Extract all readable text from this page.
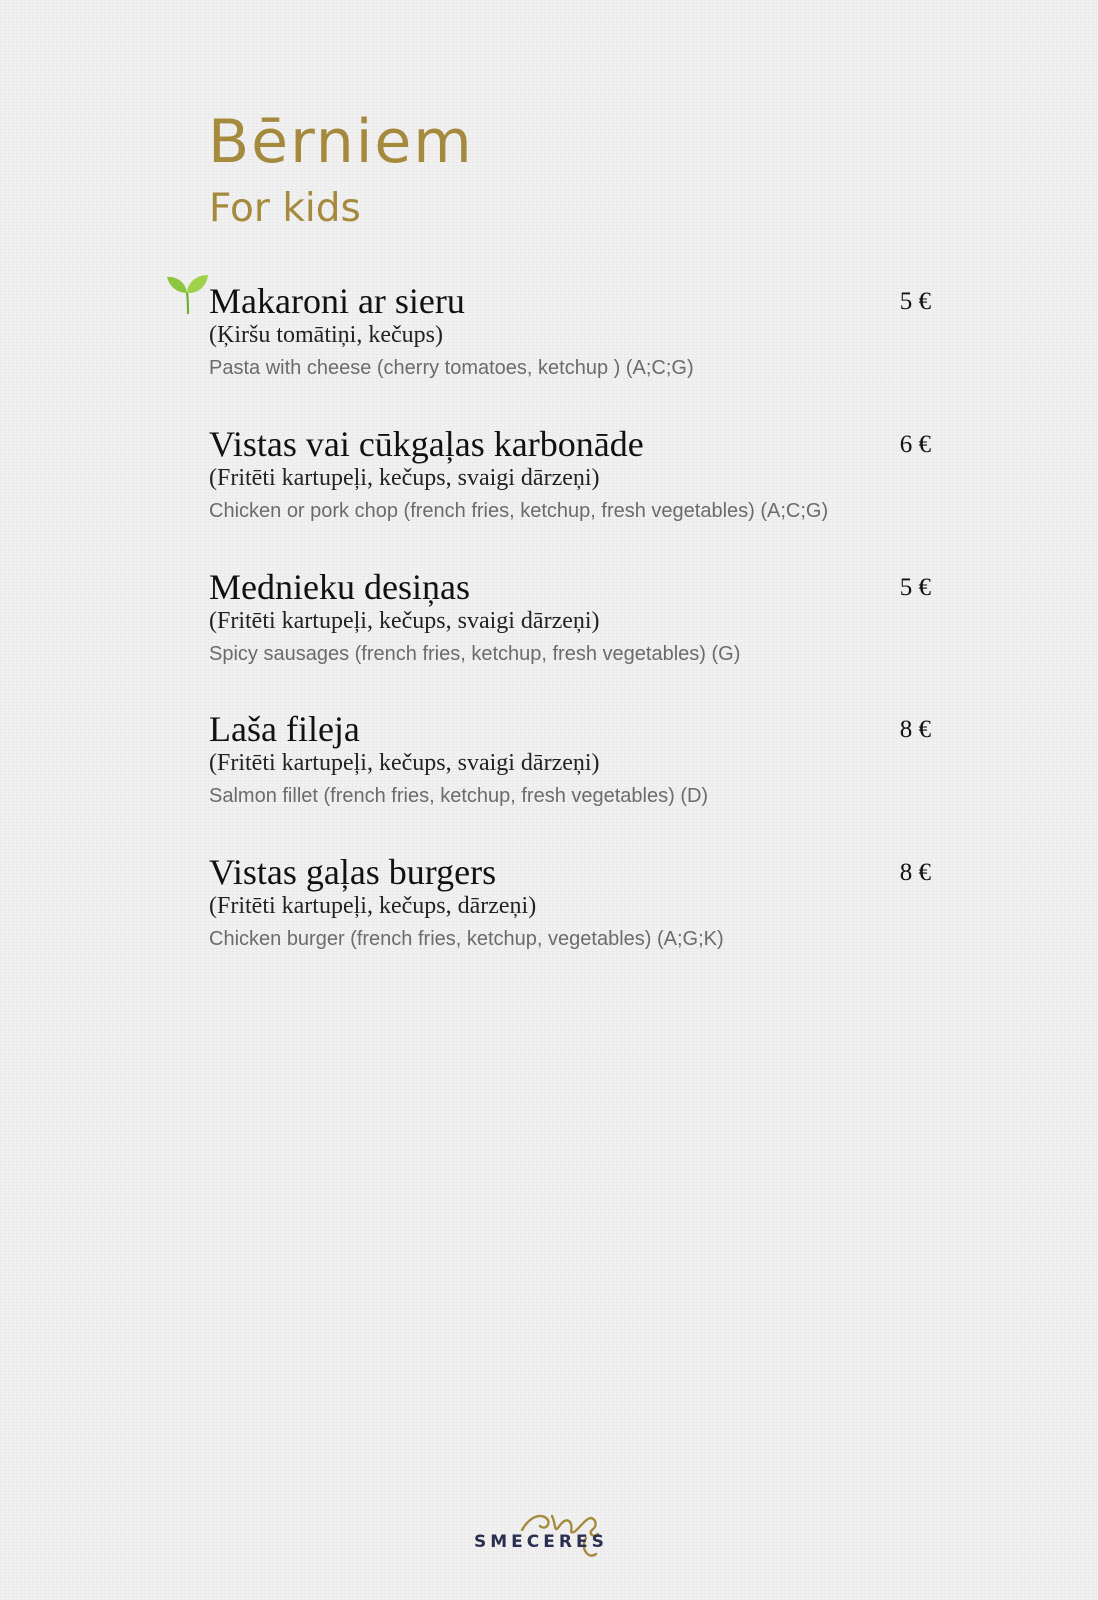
Bērniem
For kids
Makaroni ar sieru	5 €
(Ķiršu tomātiņi, kečups)
Pasta with cheese (cherry tomatoes, ketchup ) (A;C;G)
Vistas vai cūkgaļas karbonāde	6 €
(Fritēti kartupeļi, kečups, svaigi dārzeņi)
Chicken or pork chop (french fries, ketchup, fresh vegetables) (A;C;G)
Mednieku desiņas	5 €
(Fritēti kartupeļi, kečups, svaigi dārzeņi)
Spicy sausages (french fries, ketchup, fresh vegetables) (G)
Laša fileja	8 €
(Fritēti kartupeļi, kečups, svaigi dārzeņi)
Salmon fillet (french fries, ketchup, fresh vegetables) (D)
Vistas gaļas burgers	8 €
(Fritēti kartupeļi, kečups, dārzeņi)
Chicken burger (french fries, ketchup, vegetables) (A;G;K)
SMECERES
